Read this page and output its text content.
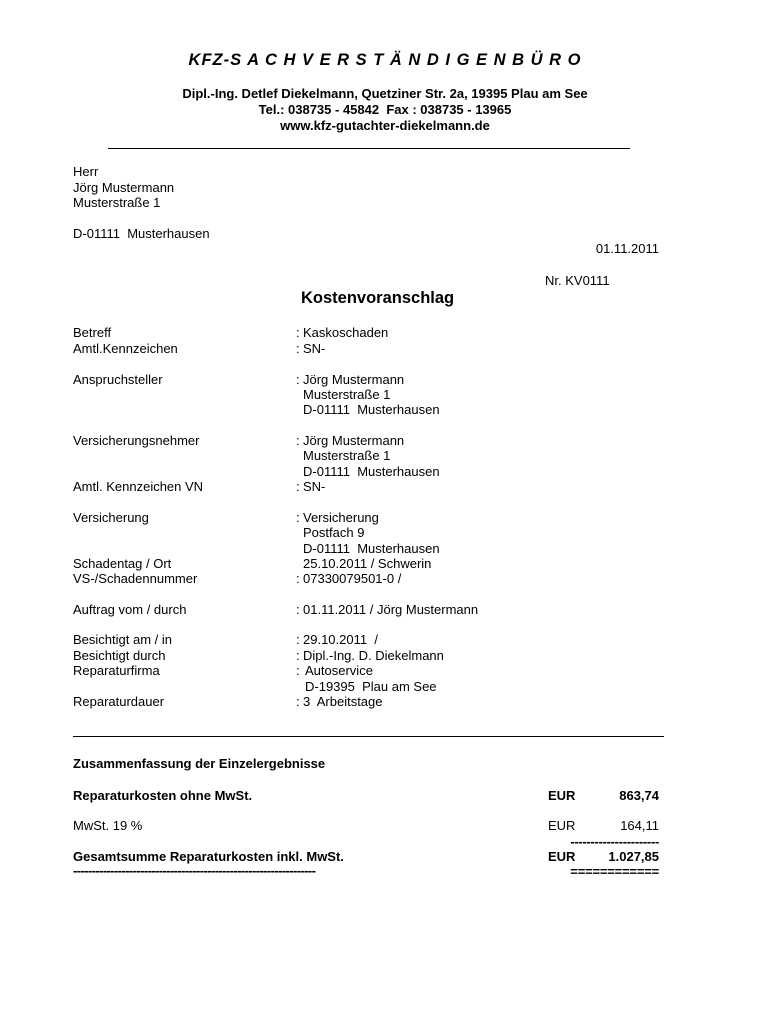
KFZ-S A C H V E R S T Ä N D I G E N B Ü R O
Dipl.-Ing. Detlef Diekelmann, Quetziner Str. 2a, 19395 Plau am See
Tel.: 038735 - 45842  Fax : 038735 - 13965
www.kfz-gutachter-diekelmann.de
Herr
Jörg Mustermann
Musterstraße 1
D-01111  Musterhausen
01.11.2011
Nr. KV0111
Kostenvoranschlag
Betreff	: Kaskoschaden
Amtl.Kennzeichen	: SN-
Anspruchsteller	: Jörg Mustermann
Musterstraße 1
D-01111  Musterhausen
Versicherungsnehmer	: Jörg Mustermann
Musterstraße 1
D-01111  Musterhausen
Amtl. Kennzeichen VN	: SN-
Versicherung	: Versicherung
Postfach 9
D-01111  Musterhausen
Schadentag / Ort	25.10.2011 / Schwerin
VS-/Schadennummer	: 07330079501-0 /
Auftrag vom / durch	: 01.11.2011 / Jörg Mustermann
Besichtigt am / in	: 29.10.2011  /
Besichtigt durch	: Dipl.-Ing. D. Diekelmann
Reparaturfirma	: Autoservice
D-19395  Plau am See
Reparaturdauer	: 3  Arbeitstage
Zusammenfassung der Einzelergebnisse
Reparaturkosten ohne MwSt.	EUR	863,74
MwSt. 19 %	EUR	164,11
----------------------
Gesamtsumme Reparaturkosten inkl. MwSt.	EUR	1.027,85
-----------------------------------------------------------------	============
